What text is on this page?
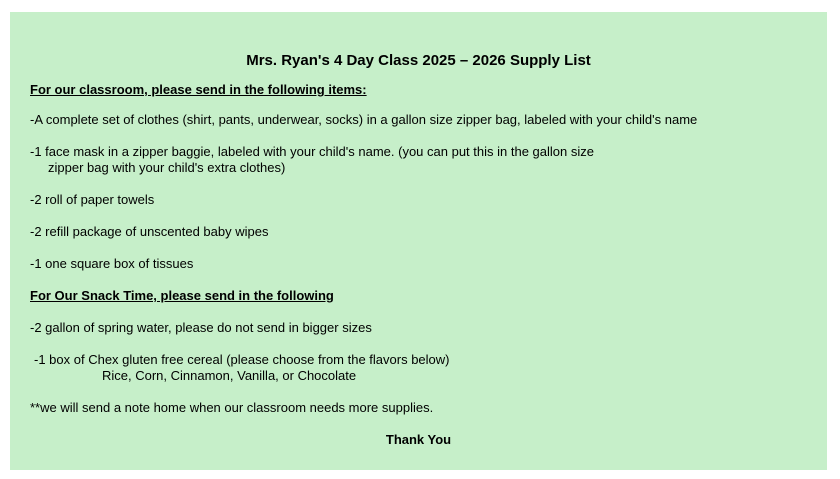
Mrs. Ryan's 4 Day Class 2025 – 2026 Supply List

For our classroom, please send in the following items:

-A complete set of clothes (shirt, pants, underwear, socks) in a gallon size zipper bag, labeled with your child's name

-1 face mask in a zipper baggie, labeled with your child's name. (you can put this in the gallon size
zipper bag with your child's extra clothes)

-2 roll of paper towels

-2 refill package of unscented baby wipes

-1 one square box of tissues

For Our Snack Time, please send in the following

-2 gallon of spring water, please do not send in bigger sizes

-1 box of Chex gluten free cereal (please choose from the flavors below)
Rice, Corn, Cinnamon, Vanilla, or Chocolate

**we will send a note home when our classroom needs more supplies.

Thank You
